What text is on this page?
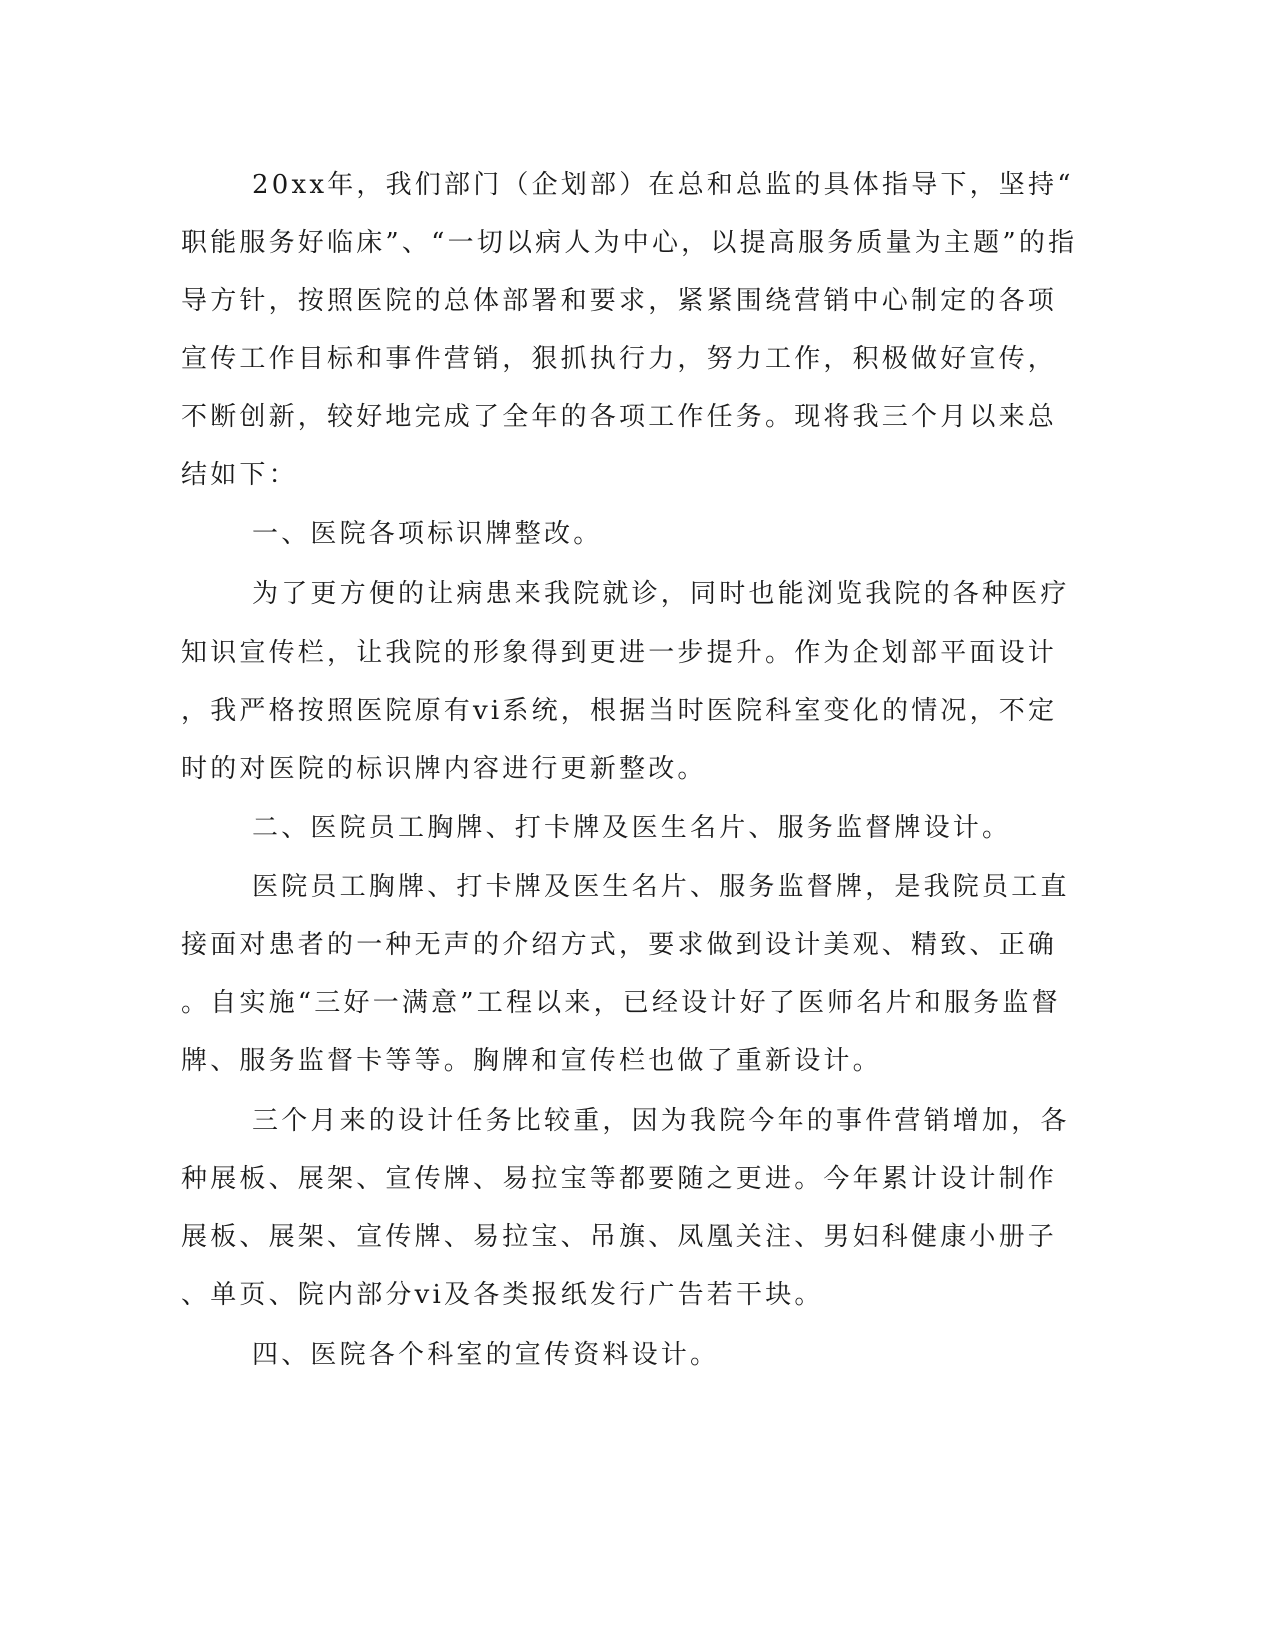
20xx年，我们部门（企划部）在总和总监的具体指导下，坚持“
职能服务好临床”、“一切以病人为中心，以提高服务质量为主题”的指
导方针，按照医院的总体部署和要求，紧紧围绕营销中心制定的各项
宣传工作目标和事件营销，狠抓执行力，努力工作，积极做好宣传，
不断创新，较好地完成了全年的各项工作任务。现将我三个月以来总
结如下：
一、医院各项标识牌整改。
为了更方便的让病患来我院就诊，同时也能浏览我院的各种医疗
知识宣传栏，让我院的形象得到更进一步提升。作为企划部平面设计
，我严格按照医院原有vi系统，根据当时医院科室变化的情况，不定
时的对医院的标识牌内容进行更新整改。
二、医院员工胸牌、打卡牌及医生名片、服务监督牌设计。
医院员工胸牌、打卡牌及医生名片、服务监督牌，是我院员工直
接面对患者的一种无声的介绍方式，要求做到设计美观、精致、正确
。自实施“三好一满意”工程以来，已经设计好了医师名片和服务监督
牌、服务监督卡等等。胸牌和宣传栏也做了重新设计。
三个月来的设计任务比较重，因为我院今年的事件营销增加，各
种展板、展架、宣传牌、易拉宝等都要随之更进。今年累计设计制作
展板、展架、宣传牌、易拉宝、吊旗、凤凰关注、男妇科健康小册子
、单页、院内部分vi及各类报纸发行广告若干块。
四、医院各个科室的宣传资料设计。
